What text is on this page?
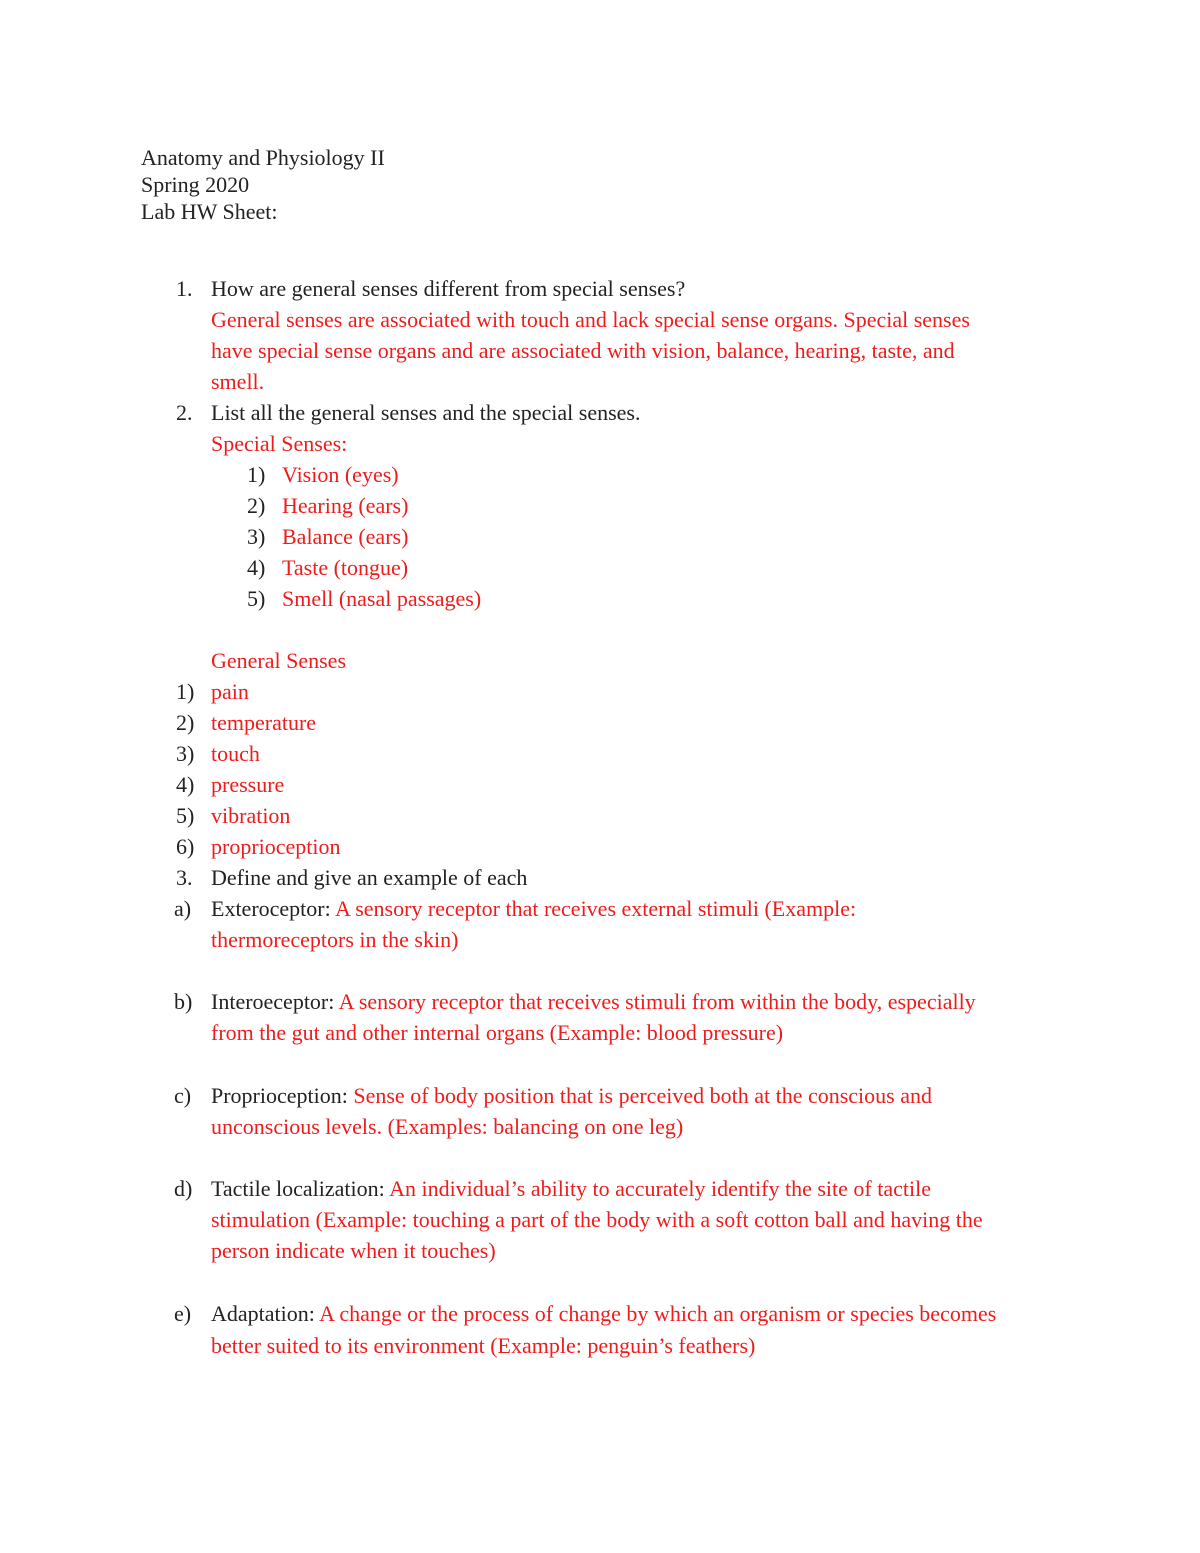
Anatomy and Physiology II
Spring 2020
Lab HW Sheet:
1. How are general senses different from special senses?
General senses are associated with touch and lack special sense organs. Special senses
have special sense organs and are associated with vision, balance, hearing, taste, and
smell.
2. List all the general senses and the special senses.
Special Senses:
1) Vision (eyes)
2) Hearing (ears)
3) Balance (ears)
4) Taste (tongue)
5) Smell (nasal passages)
General Senses
1) pain
2) temperature
3) touch
4) pressure
5) vibration
6) proprioception
3. Define and give an example of each
a) Exteroceptor: A sensory receptor that receives external stimuli (Example:
thermoreceptors in the skin)
b) Interoeceptor: A sensory receptor that receives stimuli from within the body, especially
from the gut and other internal organs (Example: blood pressure)
c) Proprioception: Sense of body position that is perceived both at the conscious and
unconscious levels. (Examples: balancing on one leg)
d) Tactile localization: An individual’s ability to accurately identify the site of tactile
stimulation (Example: touching a part of the body with a soft cotton ball and having the
person indicate when it touches)
e) Adaptation: A change or the process of change by which an organism or species becomes
better suited to its environment (Example: penguin’s feathers)
